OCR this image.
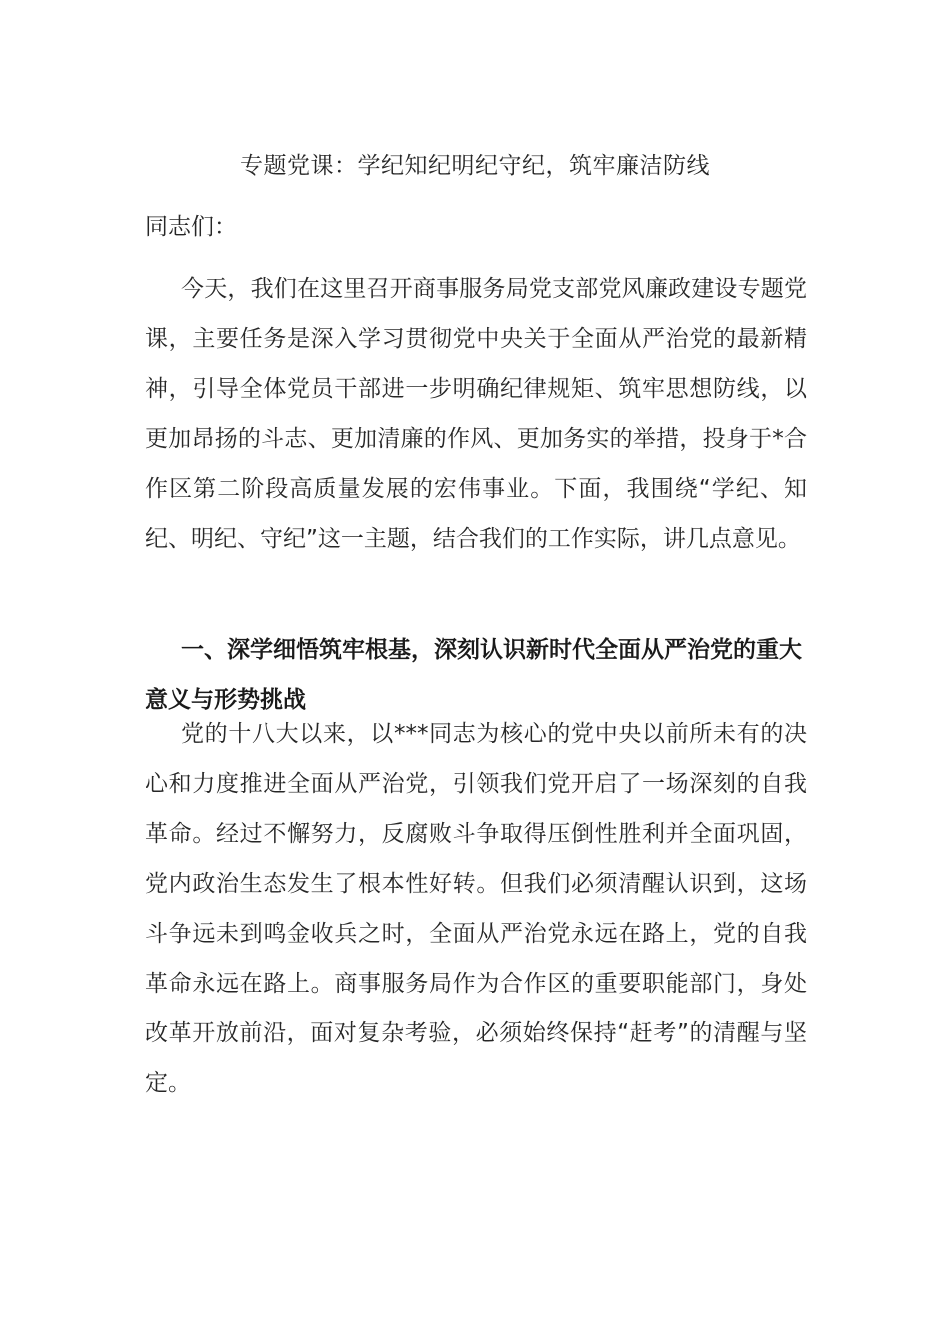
专题党课：学纪知纪明纪守纪，筑牢廉洁防线
同志们：

今天，我们在这里召开商事服务局党支部党风廉政建设专题党课，主要任务是深入学习贯彻党中央关于全面从严治党的最新精神，引导全体党员干部进一步明确纪律规矩、筑牢思想防线，以更加昂扬的斗志、更加清廉的作风、更加务实的举措，投身于*合作区第二阶段高质量发展的宏伟事业。下面，我围绕“学纪、知纪、明纪、守纪”这一主题，结合我们的工作实际，讲几点意见。

一、深学细悟筑牢根基，深刻认识新时代全面从严治党的重大意义与形势挑战

党的十八大以来，以***同志为核心的党中央以前所未有的决心和力度推进全面从严治党，引领我们党开启了一场深刻的自我革命。经过不懈努力，反腐败斗争取得压倒性胜利并全面巩固，党内政治生态发生了根本性好转。但我们必须清醒认识到，这场斗争远未到鸣金收兵之时，全面从严治党永远在路上，党的自我革命永远在路上。商事服务局作为合作区的重要职能部门，身处改革开放前沿，面对复杂考验，必须始终保持“赶考”的清醒与坚定。
